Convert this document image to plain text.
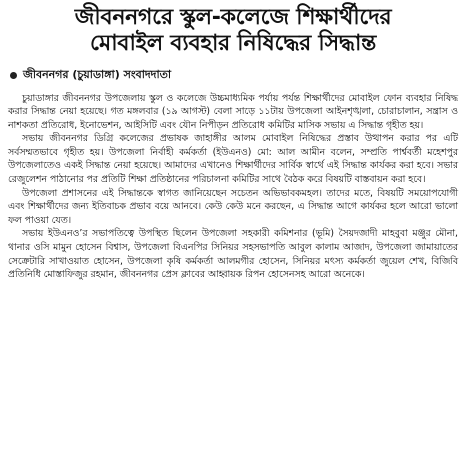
জীবননগরে স্কুল-কলেজে শিক্ষার্থীদের
মোবাইল ব্যবহার নিষিদ্ধের সিদ্ধান্ত
জীবননগর (চুয়াডাঙ্গা) সংবাদদাতা

চুয়াডাঙ্গার জীবননগর উপজেলায় স্কুল ও কলেজে উচ্চমাধ্যমিক পর্যায় পর্যন্ত শিক্ষার্থীদের মোবাইল ফোন ব্যবহার নিষিদ্ধ করার সিদ্ধান্ত নেয়া হয়েছে। গত মঙ্গলবার (১৯ আগস্ট) বেলা সাড়ে ১১টায় উপজেলা আইনশৃঙ্খলা, চোরাচালান, সন্ত্রাস ও নাশকতা প্রতিরোধ, ইনোভেশন, আইসিটি এবং যৌন নিপীড়ন প্রতিরোধ কমিটির মাসিক সভায় এ সিদ্ধান্ত গৃহীত হয়।

সভায় জীবননগর ডিগ্রি কলেজের প্রভাষক জাহাঙ্গীর আলম মোবাইল নিষিদ্ধের প্রস্তাব উত্থাপন করার পর এটি সর্বসম্মতভাবে গৃহীত হয়। উপজেলা নির্বাহী কর্মকর্তা (ইউএনও) মো: আল আমীন বলেন, সম্প্রতি পার্শ্ববর্তী মহেশপুর উপজেলাতেও একই সিদ্ধান্ত নেয়া হয়েছে। আমাদের এখানেও শিক্ষার্থীদের সার্বিক স্বার্থে এই সিদ্ধান্ত কার্যকর করা হবে। সভার রেজুলেশন পাঠানোর পর প্রতিটি শিক্ষা প্রতিষ্ঠানের পরিচালনা কমিটির সাথে বৈঠক করে বিষয়টি বাস্তবায়ন করা হবে।

উপজেলা প্রশাসনের এই সিদ্ধান্তকে স্বাগত জানিয়েছেন সচেতন অভিভাবকমহল। তাদের মতে, বিষয়টি সময়োপযোগী এবং শিক্ষার্থীদের জন্য ইতিবাচক প্রভাব বয়ে আনবে। কেউ কেউ মনে করছেন, এ সিদ্ধান্ত আগে কার্যকর হলে আরো ভালো ফল পাওয়া যেত।

সভায় ইউএনও’র সভাপতিত্বে উপস্থিত ছিলেন উপজেলা সহকারী কমিশনার (ভূমি) সৈয়দজাদী মাহবুবা মঞ্জুর মৌনা, থানার ওসি মামুন হোসেন বিশ্বাস, উপজেলা বিএনপির সিনিয়র সহসভাপতি আবুল কালাম আজাদ, উপজেলা জামায়াতের সেক্রেটারি সাখাওয়াত হোসেন, উপজেলা কৃষি কর্মকর্তা আলমগীর হোসেন, সিনিয়র মৎস্য কর্মকর্তা জুয়েল শেখ, বিজিবি প্রতিনিধি মোস্তাফিজুর রহমান, জীবননগর প্রেস ক্লাবের আহ্বায়ক রিপন হোসেনসহ আরো অনেকে।
